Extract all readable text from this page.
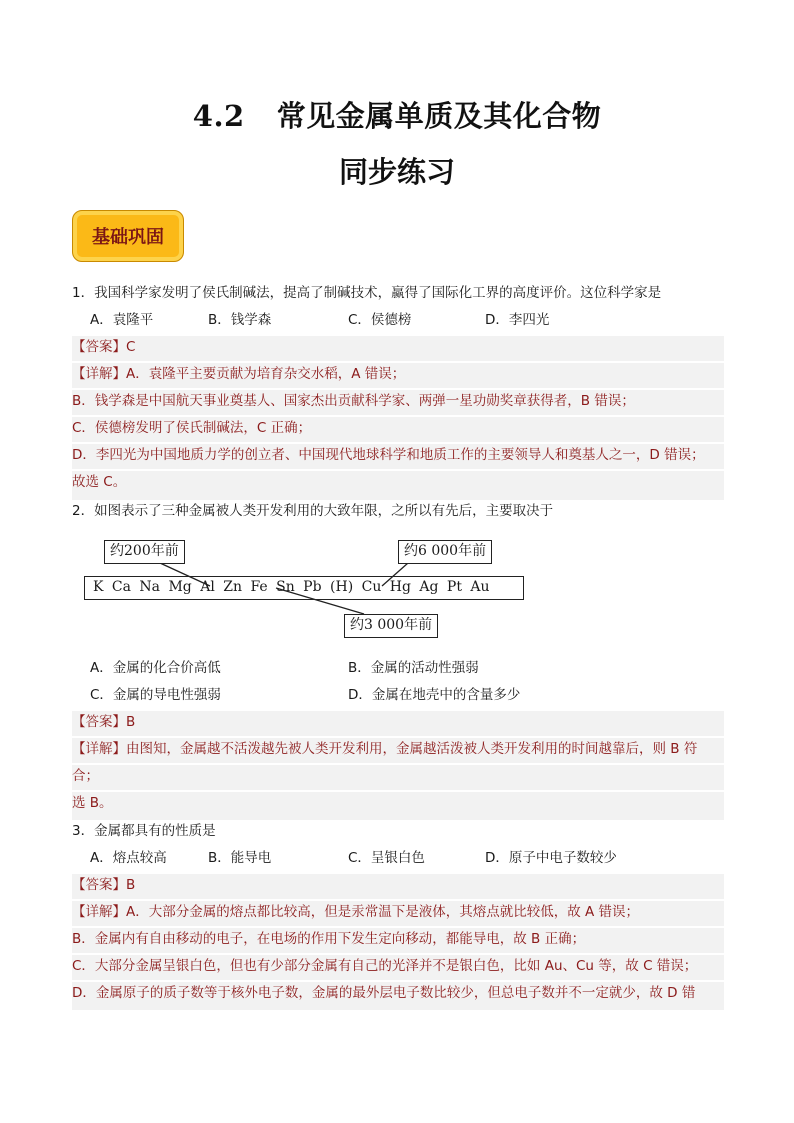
4.2 常见金属单质及其化合物
同步练习
基础巩固
1．我国科学家发明了侯氏制碱法，提高了制碱技术，赢得了国际化工界的高度评价。这位科学家是
A．袁隆平	B．钱学森	C．侯德榜	D．李四光
【答案】C
【详解】A．袁隆平主要贡献为培育杂交水稻，A 错误；
B．钱学森是中国航天事业奠基人、国家杰出贡献科学家、两弹一星功勋奖章获得者，B 错误；
C．侯德榜发明了侯氏制碱法，C 正确；
D．李四光为中国地质力学的创立者、中国现代地球科学和地质工作的主要领导人和奠基人之一，D 错误；
故选 C。
2．如图表示了三种金属被人类开发利用的大致年限，之所以有先后，主要取决于
K Ca Na Mg Al Zn Fe Sn Pb (H) Cu Hg Ag Pt Au
约200年前	约6 000年前
约3 000年前
A．金属的化合价高低	B．金属的活动性强弱
C．金属的导电性强弱	D．金属在地壳中的含量多少
【答案】B
【详解】由图知，金属越不活泼越先被人类开发利用，金属越活泼被人类开发利用的时间越靠后，则 B 符
合；
选 B。
3．金属都具有的性质是
A．熔点较高	B．能导电	C．呈银白色	D．原子中电子数较少
【答案】B
【详解】A．大部分金属的熔点都比较高，但是汞常温下是液体，其熔点就比较低，故 A 错误；
B．金属内有自由移动的电子，在电场的作用下发生定向移动，都能导电，故 B 正确；
C．大部分金属呈银白色，但也有少部分金属有自己的光泽并不是银白色，比如 Au、Cu 等，故 C 错误；
D．金属原子的质子数等于核外电子数，金属的最外层电子数比较少，但总电子数并不一定就少，故 D 错
